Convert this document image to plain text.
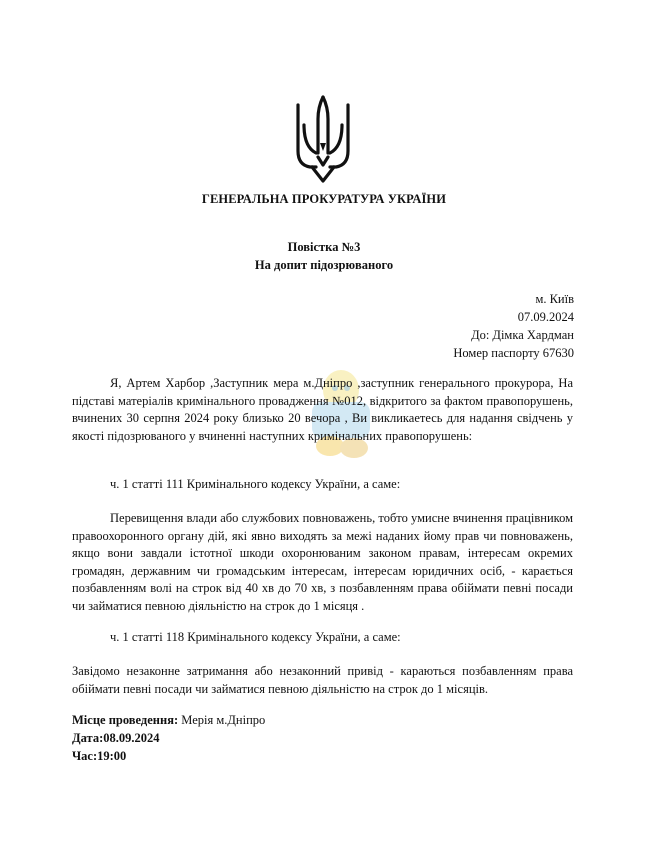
ГЕНЕРАЛЬНА ПРОКУРАТУРА УКРАЇНИ
Повістка №3
На допит підозрюваного
м. Київ
07.09.2024
До: Дімка Хардман
Номер паспорту 67630
Я, Артем Харбор ,Заступник мера м.Дніпро ,заступник генерального прокурора, На підставі матеріалів кримінального провадження №012, відкритого за фактом правопорушень, вчинених 30 серпня 2024 року близько 20 вечора , Ви викликаетесь для надання свідчень у якості підозрюваного у вчиненні наступних кримінальних правопорушень:
ч. 1 статті 111 Кримінального кодексу України, а саме:
Перевищення влади або службових повноважень, тобто умисне вчинення працівником правоохоронного органу дій, які явно виходять за межі наданих йому прав чи повноважень, якщо вони завдали істотної шкоди охоронюваним законом правам, інтересам окремих громадян, державним чи громадським інтересам, інтересам юридичних осіб, - карається позбавленням волі на строк від 40 хв до 70 хв, з позбавленням права обіймати певні посади чи займатися певною діяльністю на строк до 1 місяця .
ч. 1 статті 118 Кримінального кодексу України, а саме:
Завідомо незаконне затримання або незаконний привід - караються позбавленням права обіймати певні посади чи займатися певною діяльністю на строк до 1 місяців.
Місце проведення: Мерія м.Дніпро
Дата:08.09.2024
Час:19:00
